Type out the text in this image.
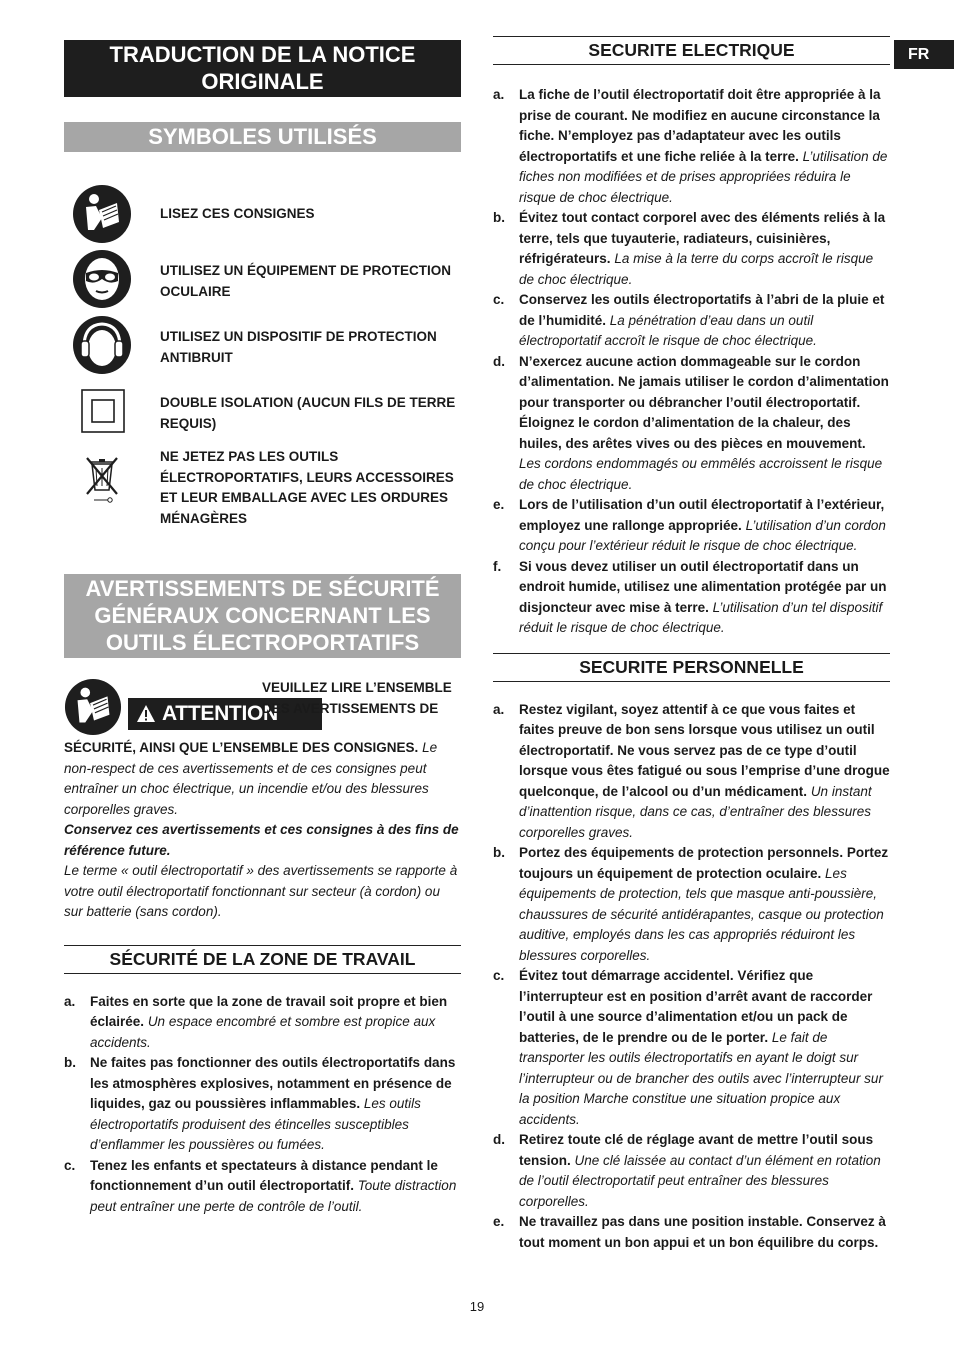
FR
TRADUCTION DE LA NOTICE ORIGINALE
SYMBOLES UTILISÉS
LISEZ CES CONSIGNES
UTILISEZ UN ÉQUIPEMENT DE PROTECTION OCULAIRE
UTILISEZ UN DISPOSITIF DE PROTECTION ANTIBRUIT
DOUBLE ISOLATION (AUCUN FILS DE TERRE REQUIS)
NE JETEZ PAS LES OUTILS ÉLECTROPORTATIFS, LEURS ACCESSOIRES ET LEUR EMBALLAGE AVEC LES ORDURES MÉNAGÈRES
AVERTISSEMENTS DE SÉCURITÉ GÉNÉRAUX CONCERNANT LES OUTILS ÉLECTROPORTATIFS
ATTENTION
VEUILLEZ LIRE L’ENSEMBLE DES AVERTISSEMENTS DE
SÉCURITÉ, AINSI QUE L’ENSEMBLE DES CONSIGNES. Le non-respect de ces avertissements et de ces consignes peut entraîner un choc électrique, un incendie et/ou des blessures corporelles graves.
Conservez ces avertissements et ces consignes à des fins de référence future.
Le terme « outil électroportatif » des avertissements se rapporte à votre outil électroportatif fonctionnant sur secteur (à cordon) ou sur batterie (sans cordon).
SÉCURITÉ DE LA ZONE DE TRAVAIL
a. Faites en sorte que la zone de travail soit propre et bien éclairée. Un espace encombré et sombre est propice aux accidents.
b. Ne faites pas fonctionner des outils électroportatifs dans les atmosphères explosives, notamment en présence de liquides, gaz ou poussières inflammables. Les outils électroportatifs produisent des étincelles susceptibles d’enflammer les poussières ou fumées.
c. Tenez les enfants et spectateurs à distance pendant le fonctionnement d’un outil électroportatif. Toute distraction peut entraîner une perte de contrôle de l’outil.
SECURITE ELECTRIQUE
a. La fiche de l’outil électroportatif doit être appropriée à la prise de courant. Ne modifiez en aucune circonstance la fiche. N’employez pas d’adaptateur avec les outils électroportatifs et une fiche reliée à la terre. L’utilisation de fiches non modifiées et de prises appropriées réduira le risque de choc électrique.
b. Évitez tout contact corporel avec des éléments reliés à la terre, tels que tuyauterie, radiateurs, cuisinières, réfrigérateurs. La mise à la terre du corps accroît le risque de choc électrique.
c. Conservez les outils électroportatifs à l’abri de la pluie et de l’humidité. La pénétration d’eau dans un outil électroportatif accroît le risque de choc électrique.
d. N’exercez aucune action dommageable sur le cordon d’alimentation. Ne jamais utiliser le cordon d’alimentation pour transporter ou débrancher l’outil électroportatif. Éloignez le cordon d’alimentation de la chaleur, des huiles, des arêtes vives ou des pièces en mouvement. Les cordons endommagés ou emmêlés accroissent le risque de choc électrique.
e. Lors de l’utilisation d’un outil électroportatif à l’extérieur, employez une rallonge appropriée. L’utilisation d’un cordon conçu pour l’extérieur réduit le risque de choc électrique.
f. Si vous devez utiliser un outil électroportatif dans un endroit humide, utilisez une alimentation protégée par un disjoncteur avec mise à terre. L’utilisation d’un tel dispositif réduit le risque de choc électrique.
SECURITE PERSONNELLE
a. Restez vigilant, soyez attentif à ce que vous faites et faites preuve de bon sens lorsque vous utilisez un outil électroportatif. Ne vous servez pas de ce type d’outil lorsque vous êtes fatigué ou sous l’emprise d’une drogue quelconque, de l’alcool ou d’un médicament. Un instant d’inattention risque, dans ce cas, d’entraîner des blessures corporelles graves.
b. Portez des équipements de protection personnels. Portez toujours un équipement de protection oculaire. Les équipements de protection, tels que masque anti-poussière, chaussures de sécurité antidérapantes, casque ou protection auditive, employés dans les cas appropriés réduiront les blessures corporelles.
c. Évitez tout démarrage accidentel. Vérifiez que l’interrupteur est en position d’arrêt avant de raccorder l’outil à une source d’alimentation et/ou un pack de batteries, de le prendre ou de le porter. Le fait de transporter les outils électroportatifs en ayant le doigt sur l’interrupteur ou de brancher des outils avec l’interrupteur sur la position Marche constitue une situation propice aux accidents.
d. Retirez toute clé de réglage avant de mettre l’outil sous tension. Une clé laissée au contact d’un élément en rotation de l’outil électroportatif peut entraîner des blessures corporelles.
e. Ne travaillez pas dans une position instable. Conservez à tout moment un bon appui et un bon équilibre du corps.
19
